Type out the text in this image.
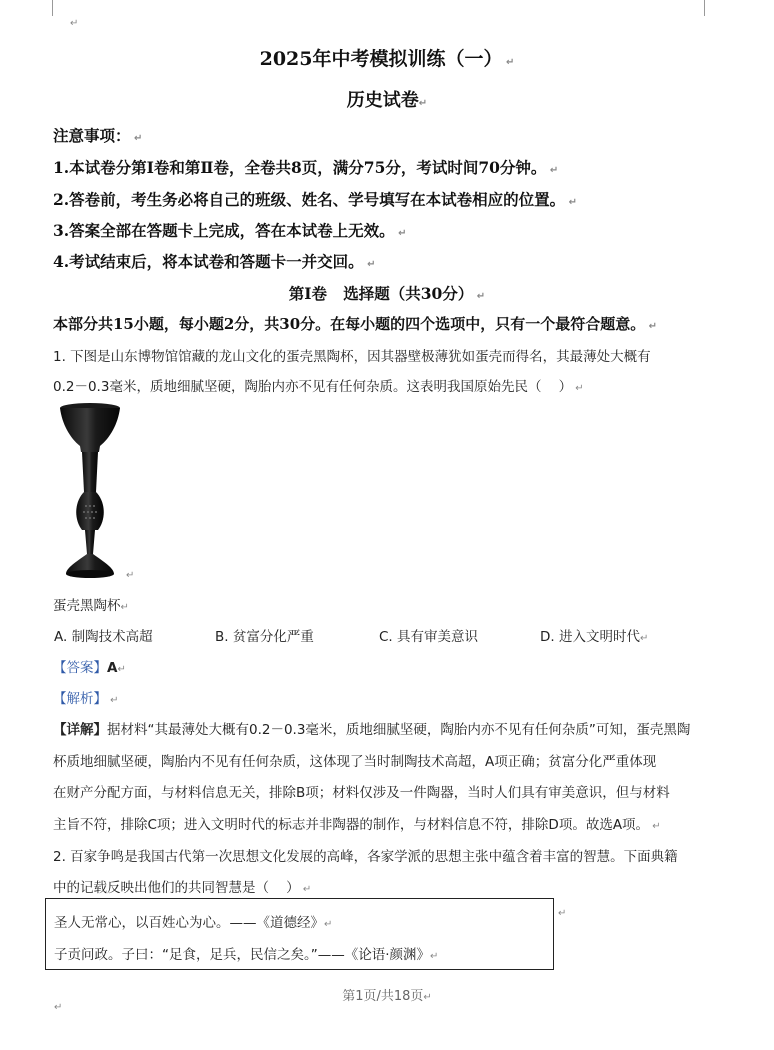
↵
2025年中考模拟训练（一） ↵
历史试卷↵
注意事项： ↵
1.本试卷分第Ⅰ卷和第Ⅱ卷，全卷共8页，满分75分，考试时间70分钟。 ↵
2.答卷前，考生务必将自己的班级、姓名、学号填写在本试卷相应的位置。 ↵
3.答案全部在答题卡上完成，答在本试卷上无效。 ↵
4.考试结束后，将本试卷和答题卡一并交回。 ↵
第Ⅰ卷   选择题（共30分） ↵
本部分共15小题，每小题2分，共30分。在每小题的四个选项中，只有一个最符合题意。 ↵
1. 下图是山东博物馆馆藏的龙山文化的蛋壳黑陶杯，因其器壁极薄犹如蛋壳而得名，其最薄处大概有
0.2－0.3毫米，质地细腻坚硬，陶胎内亦不见有任何杂质。这表明我国原始先民（    ） ↵
↵
蛋壳黑陶杯↵
A. 制陶技术高超	B. 贫富分化严重	C. 具有审美意识	D. 进入文明时代↵
【答案】A↵
【解析】 ↵
【详解】据材料“其最薄处大概有0.2－0.3毫米，质地细腻坚硬，陶胎内亦不见有任何杂质”可知，蛋壳黑陶
杯质地细腻坚硬，陶胎内不见有任何杂质，这体现了当时制陶技术高超，A项正确；贫富分化严重体现
在财产分配方面，与材料信息无关，排除B项；材料仅涉及一件陶器，当时人们具有审美意识，但与材料
主旨不符，排除C项；进入文明时代的标志并非陶器的制作，与材料信息不符，排除D项。故选A项。 ↵
2. 百家争鸣是我国古代第一次思想文化发展的高峰，各家学派的思想主张中蕴含着丰富的智慧。下面典籍
中的记载反映出他们的共同智慧是（    ） ↵
圣人无常心，以百姓心为心。——《道德经》↵
子贡问政。子曰：“足食，足兵，民信之矣。”——《论语·颜渊》↵
↵
第1页/共18页↵
↵
